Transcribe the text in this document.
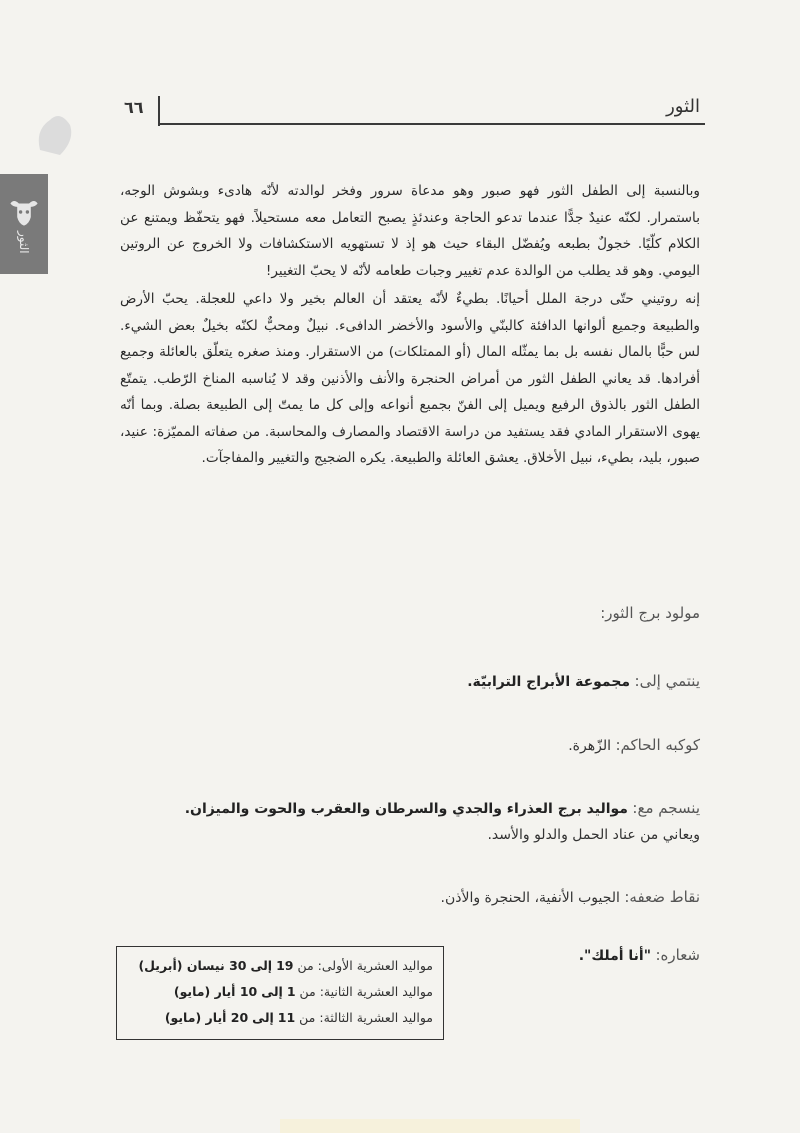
٦٦	الثور
الثور

وبالنسبة إلى الطفل الثور فهو صبور وهو مدعاة سرور وفخر لوالدته لأنّه هادىء وبشوش الوجه، باستمرار. لكنّه عنيدٌ جدًّا عندما تدعو الحاجة وعندئذٍ يصبح التعامل معه مستحيلاً. فهو يتحفّظ ويمتنع عن الكلام كلّيًا. خجولٌ بطبعه ويُفضّل البقاء حيث هو إذ لا تستهويه الاستكشافات ولا الخروج عن الروتين اليومي. وهو قد يطلب من الوالدة عدم تغيير وجبات طعامه لأنّه لا يحبّ التغيير!

إنه روتيني حتّى درجة الملل أحيانًا. بطيءٌ لأنّه يعتقد أن العالم بخير ولا داعي للعجلة. يحبّ الأرض والطبيعة وجميع ألوانها الدافئة كالبنّي والأسود والأخضر الدافىء. نبيلٌ ومحبٌّ لكنّه بخيلٌ بعض الشيء. لس حبًّا بالمال نفسه بل بما يمثّله المال (أو الممتلكات) من الاستقرار. ومنذ صغره يتعلّق بالعائلة وجميع أفرادها. قد يعاني الطفل الثور من أمراض الحنجرة والأنف والأذنين وقد لا يُناسبه المناخ الرّطب. يتمتّع الطفل الثور بالذوق الرفيع ويميل إلى الفنّ بجميع أنواعه وإلى كل ما يمتّ إلى الطبيعة بصلة. وبما أنّه يهوى الاستقرار المادي فقد يستفيد من دراسة الاقتصاد والمصارف والمحاسبة. من صفاته المميّزة: عنيد، صبور، بليد، بطيء، نبيل الأخلاق. يعشق العائلة والطبيعة. يكره الضجيج والتغيير والمفاجآت.

مولود برج الثور:
ينتمي إلى: مجموعة الأبراج الترابيّة.
كوكبه الحاكم: الزّهرة.
ينسجم مع: مواليد برج العذراء والجدي والسرطان والعقرب والحوت والميزان.
ويعاني من عناد الحمل والدلو والأسد.
نقاط ضعفه: الجيوب الأنفية، الحنجرة والأذن.
شعاره: "أنا أملك".
مواليد العشرية الأولى: من 19 إلى 30 نيسان (أبريل)
مواليد العشرية الثانية: من 1 إلى 10 أيار (مايو)
مواليد العشرية الثالثة: من 11 إلى 20 أيار (مايو)
